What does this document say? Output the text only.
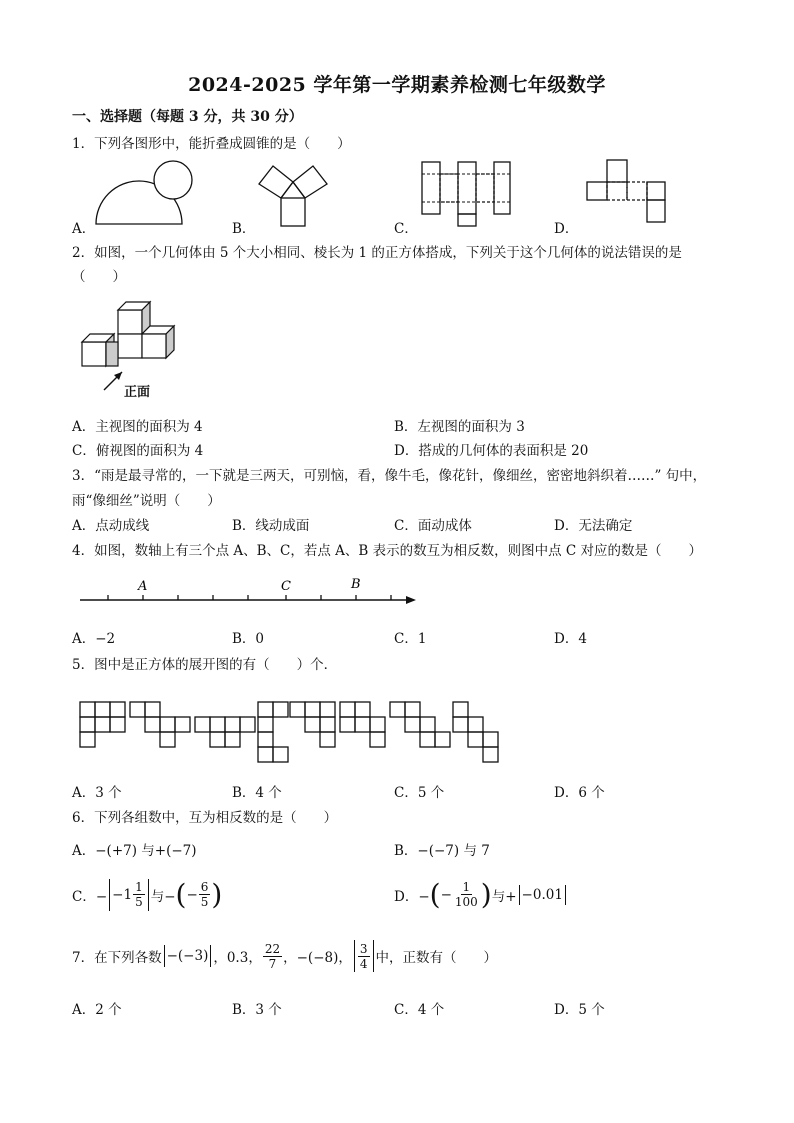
2024-2025 学年第一学期素养检测七年级数学
一、选择题（每题 3 分，共 30 分）
1．下列各图形中，能折叠成圆锥的是（　　）
A．	B．	C．	D．
2．如图，一个几何体由 5 个大小相同、棱长为 1 的正方体搭成，下列关于这个几何体的说法错误的是
（　　）
正面
A．主视图的面积为 4	B．左视图的面积为 3
C．俯视图的面积为 4	D．搭成的几何体的表面积是 20
3．“雨是最寻常的，一下就是三两天，可别恼，看，像牛毛，像花针，像细丝，密密地斜织着……” 句中，
雨“像细丝”说明（　　）
A．点动成线	B．线动成面	C．面动成体	D．无法确定
4．如图，数轴上有三个点 A、B、C，若点 A、B 表示的数互为相反数，则图中点 C 对应的数是（　　）
A	C	B
A．−2	B．0	C．1	D．4
5．图中是正方体的展开图的有（　　）个．
A．3 个	B．4 个	C．5 个	D．6 个
6．下列各组数中，互为相反数的是（　　）
A．−(+7) 与+(−7)	B．−(−7) 与 7
C．− − $1 \frac{1}{5}$ 与− ( − $\frac{6}{5}$ )	D．− ( − $\frac{1}{100}$ ) 与+ −0.01
7．在下列各数 −(−3) ，0.3， $\frac{22}{7}$ ，−(−8)， $\frac{3}{4}$ 中，正数有（　　）
A．2 个	B．3 个	C．4 个	D．5 个
